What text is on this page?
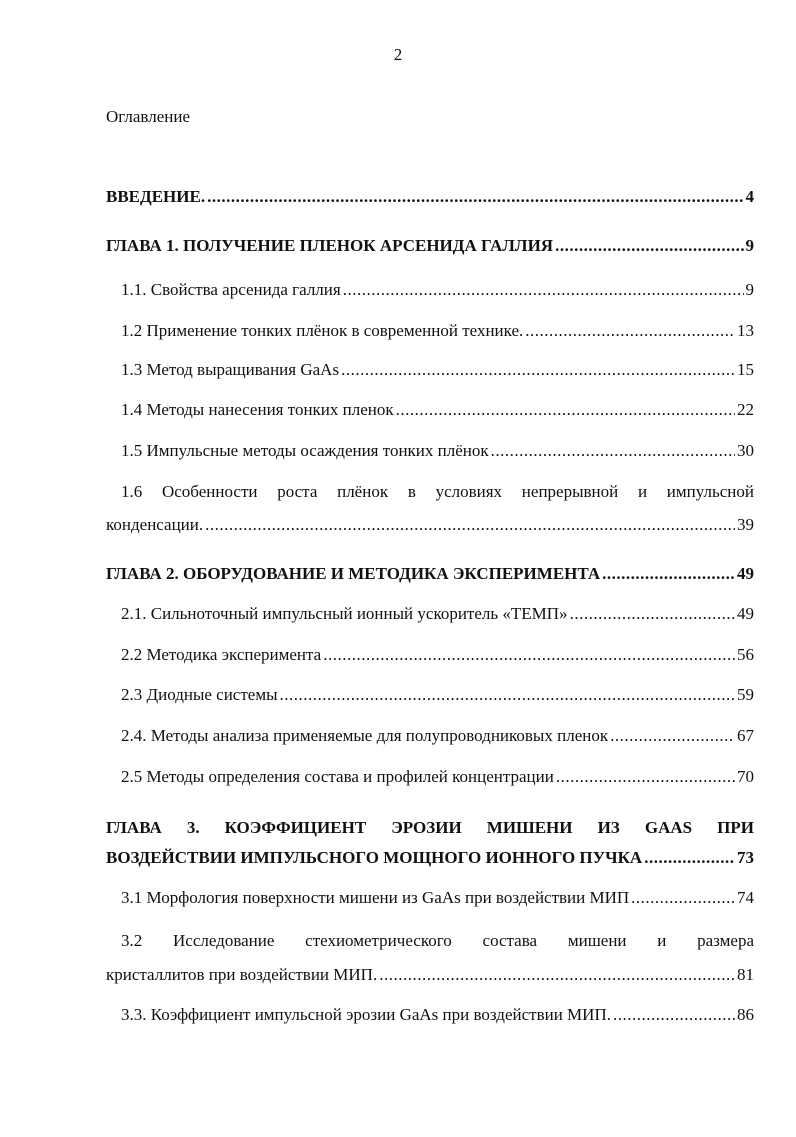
2
Оглавление
ВВЕДЕНИЕ. .....	4
ГЛАВА 1. ПОЛУЧЕНИЕ ПЛЕНОК АРСЕНИДА ГАЛЛИЯ .....	9
1.1. Свойства арсенида галлия .....	9
1.2 Применение тонких плёнок в современной технике. .....	13
1.3 Метод выращивания GaAs .....	15
1.4 Методы нанесения тонких пленок .....	22
1.5 Импульсные методы осаждения тонких плёнок .....	30
1.6 Особенности роста плёнок в условиях непрерывной и импульсной
конденсации. .....	39
ГЛАВА 2. ОБОРУДОВАНИЕ И МЕТОДИКА ЭКСПЕРИМЕНТА .....	49
2.1. Сильноточный импульсный ионный ускоритель «ТЕМП» .....	49
2.2 Методика эксперимента .....	56
2.3 Диодные системы .....	59
2.4. Методы анализа применяемые для полупроводниковых пленок .....	67
2.5 Методы определения состава и профилей концентрации .....	70
ГЛАВА 3. КОЭФФИЦИЕНТ ЭРОЗИИ МИШЕНИ ИЗ GAAS ПРИ
ВОЗДЕЙСТВИИ ИМПУЛЬСНОГО МОЩНОГО ИОННОГО ПУЧКА .....	73
3.1 Морфология поверхности мишени из GaAs при воздействии МИП .....	74
3.2 Исследование стехиометрического состава мишени и размера
кристаллитов при воздействии МИП. .....	81
3.3. Коэффициент импульсной эрозии GaAs при воздействии МИП. .....	86
